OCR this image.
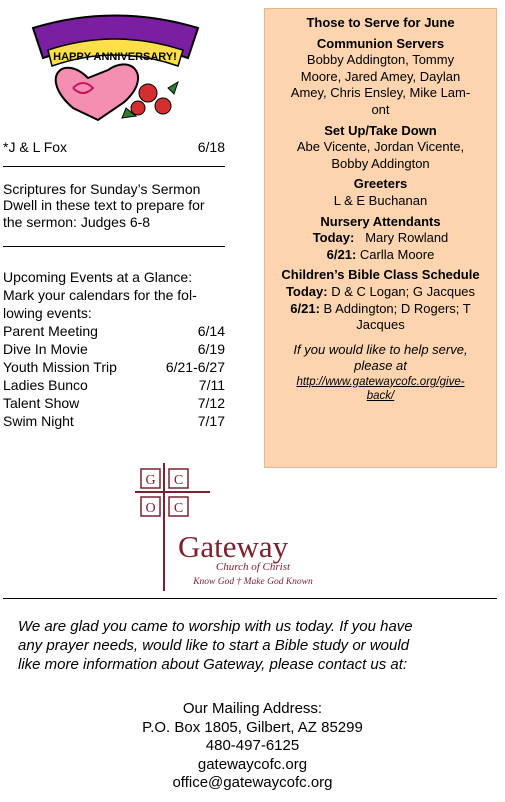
HAPPY ANNIVERSARY!
*J & L Fox	6/18
Scriptures for Sunday’s Sermon
Dwell in these text to prepare for
the sermon: Judges 6-8
Upcoming Events at a Glance:
Mark your calendars for the fol-
lowing events:
Parent Meeting	6/14
Dive In Movie	6/19
Youth Mission Trip	6/21-6/27
Ladies Bunco	7/11
Talent Show	7/12
Swim Night	7/17
Those to Serve for June
Communion Servers
Bobby Addington, Tommy
Moore, Jared Amey, Daylan
Amey, Chris Ensley, Mike Lam-
ont
Set Up/Take Down
Abe Vicente, Jordan Vicente,
Bobby Addington
Greeters
L & E Buchanan
Nursery Attendants
Today: Mary Rowland
6/21: Carlla Moore
Children’s Bible Class Schedule
Today: D & C Logan; G Jacques
6/21: B Addington; D Rogers; T
Jacques
If you would like to help serve,
please at
http://www.gatewaycofc.org/give-
back/
G C
O C
Gateway
Church of Christ
Know God † Make God Known
We are glad you came to worship with us today. If you have
any prayer needs, would like to start a Bible study or would
like more information about Gateway, please contact us at:
Our Mailing Address:
P.O. Box 1805, Gilbert, AZ 85299
480-497-6125
gatewaycofc.org
office@gatewaycofc.org
